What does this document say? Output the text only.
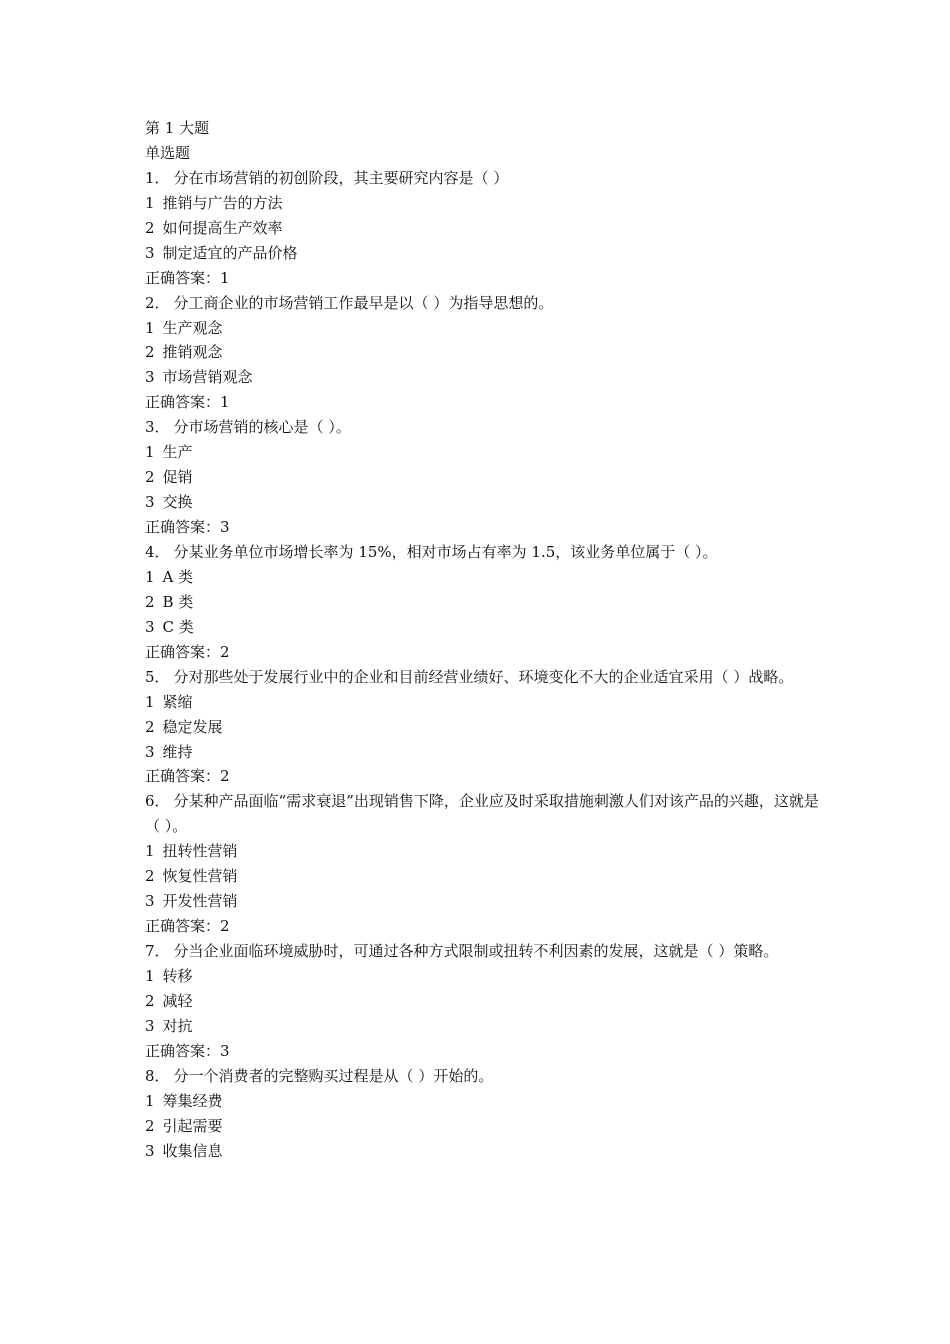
第 1 大题
单选题
1． 分在市场营销的初创阶段，其主要研究内容是（ ）
1 推销与广告的方法
2 如何提高生产效率
3 制定适宜的产品价格
正确答案：1
2． 分工商企业的市场营销工作最早是以（ ）为指导思想的。
1 生产观念
2 推销观念
3 市场营销观念
正确答案：1
3． 分市场营销的核心是（ ）。
1 生产
2 促销
3 交换
正确答案：3
4． 分某业务单位市场增长率为 15%，相对市场占有率为 1.5，该业务单位属于（ ）。
1 A 类
2 B 类
3 C 类
正确答案：2
5． 分对那些处于发展行业中的企业和目前经营业绩好、环境变化不大的企业适宜采用（ ）战略。
1 紧缩
2 稳定发展
3 维持
正确答案：2
6． 分某种产品面临“需求衰退”出现销售下降，企业应及时采取措施刺激人们对该产品的兴趣，这就是（ ）。
1 扭转性营销
2 恢复性营销
3 开发性营销
正确答案：2
7． 分当企业面临环境威胁时，可通过各种方式限制或扭转不利因素的发展，这就是（ ）策略。
1 转移
2 减轻
3 对抗
正确答案：3
8． 分一个消费者的完整购买过程是从（ ）开始的。
1 筹集经费
2 引起需要
3 收集信息
